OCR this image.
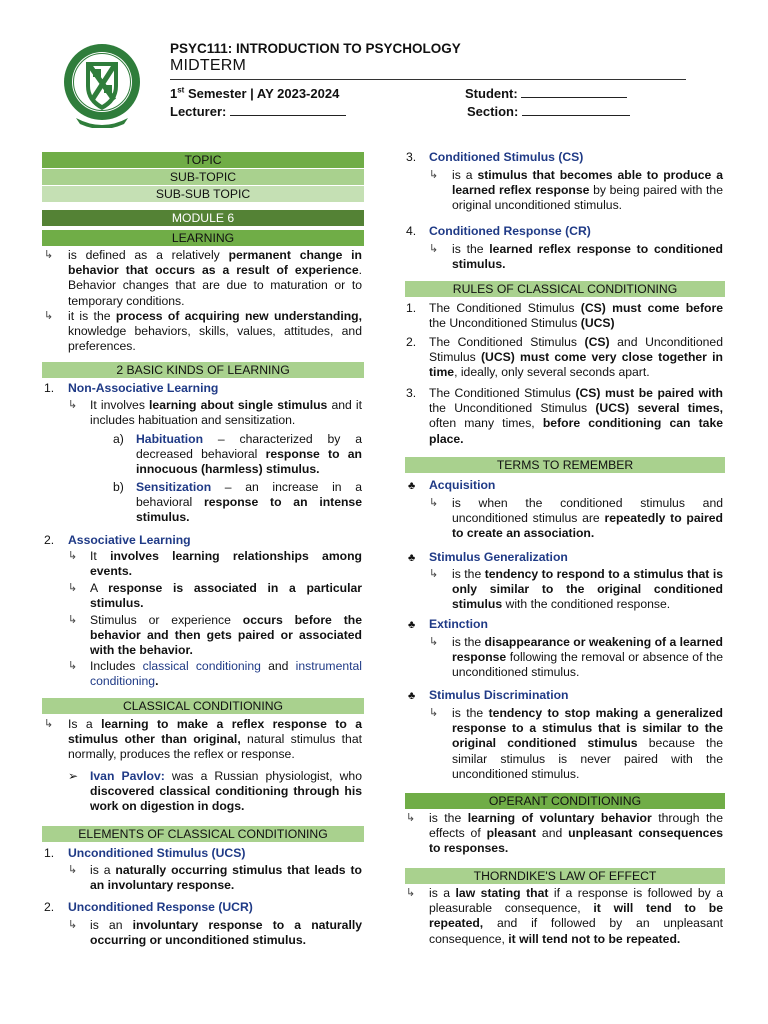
PSYC111: INTRODUCTION TO PSYCHOLOGY
MIDTERM
1st Semester | AY 2023-2024
Lecturer:
Student:
Section:
TOPIC
SUB-TOPIC
SUB-SUB TOPIC
MODULE 6
LEARNING
↳ is defined as a relatively permanent change in behavior that occurs as a result of experience. Behavior changes that are due to maturation or to temporary conditions.
↳ it is the process of acquiring new understanding, knowledge behaviors, skills, values, attitudes, and preferences.
2 BASIC KINDS OF LEARNING
1. Non-Associative Learning
↳ It involves learning about single stimulus and it includes habituation and sensitization.
a) Habituation – characterized by a decreased behavioral response to an innocuous (harmless) stimulus.
b) Sensitization – an increase in a behavioral response to an intense stimulus.
2. Associative Learning
↳ It involves learning relationships among events.
↳ A response is associated in a particular stimulus.
↳ Stimulus or experience occurs before the behavior and then gets paired or associated with the behavior.
↳ Includes classical conditioning and instrumental conditioning.
CLASSICAL CONDITIONING
↳ Is a learning to make a reflex response to a stimulus other than original, natural stimulus that normally, produces the reflex or response.
➢ Ivan Pavlov: was a Russian physiologist, who discovered classical conditioning through his work on digestion in dogs.
ELEMENTS OF CLASSICAL CONDITIONING
1. Unconditioned Stimulus (UCS)
↳ is a naturally occurring stimulus that leads to an involuntary response.
2. Unconditioned Response (UCR)
↳ is an involuntary response to a naturally occurring or unconditioned stimulus.
3. Conditioned Stimulus (CS)
↳ is a stimulus that becomes able to produce a learned reflex response by being paired with the original unconditioned stimulus.
4. Conditioned Response (CR)
↳ is the learned reflex response to conditioned stimulus.
RULES OF CLASSICAL CONDITIONING
1. The Conditioned Stimulus (CS) must come before the Unconditioned Stimulus (UCS)
2. The Conditioned Stimulus (CS) and Unconditioned Stimulus (UCS) must come very close together in time, ideally, only several seconds apart.
3. The Conditioned Stimulus (CS) must be paired with the Unconditioned Stimulus (UCS) several times, often many times, before conditioning can take place.
TERMS TO REMEMBER
♣ Acquisition
↳ is when the conditioned stimulus and unconditioned stimulus are repeatedly to paired to create an association.
♣ Stimulus Generalization
↳ is the tendency to respond to a stimulus that is only similar to the original conditioned stimulus with the conditioned response.
♣ Extinction
↳ is the disappearance or weakening of a learned response following the removal or absence of the unconditioned stimulus.
♣ Stimulus Discrimination
↳ is the tendency to stop making a generalized response to a stimulus that is similar to the original conditioned stimulus because the similar stimulus is never paired with the unconditioned stimulus.
OPERANT CONDITIONING
↳ is the learning of voluntary behavior through the effects of pleasant and unpleasant consequences to responses.
THORNDIKE'S LAW OF EFFECT
↳ is a law stating that if a response is followed by a pleasurable consequence, it will tend to be repeated, and if followed by an unpleasant consequence, it will tend not to be repeated.
